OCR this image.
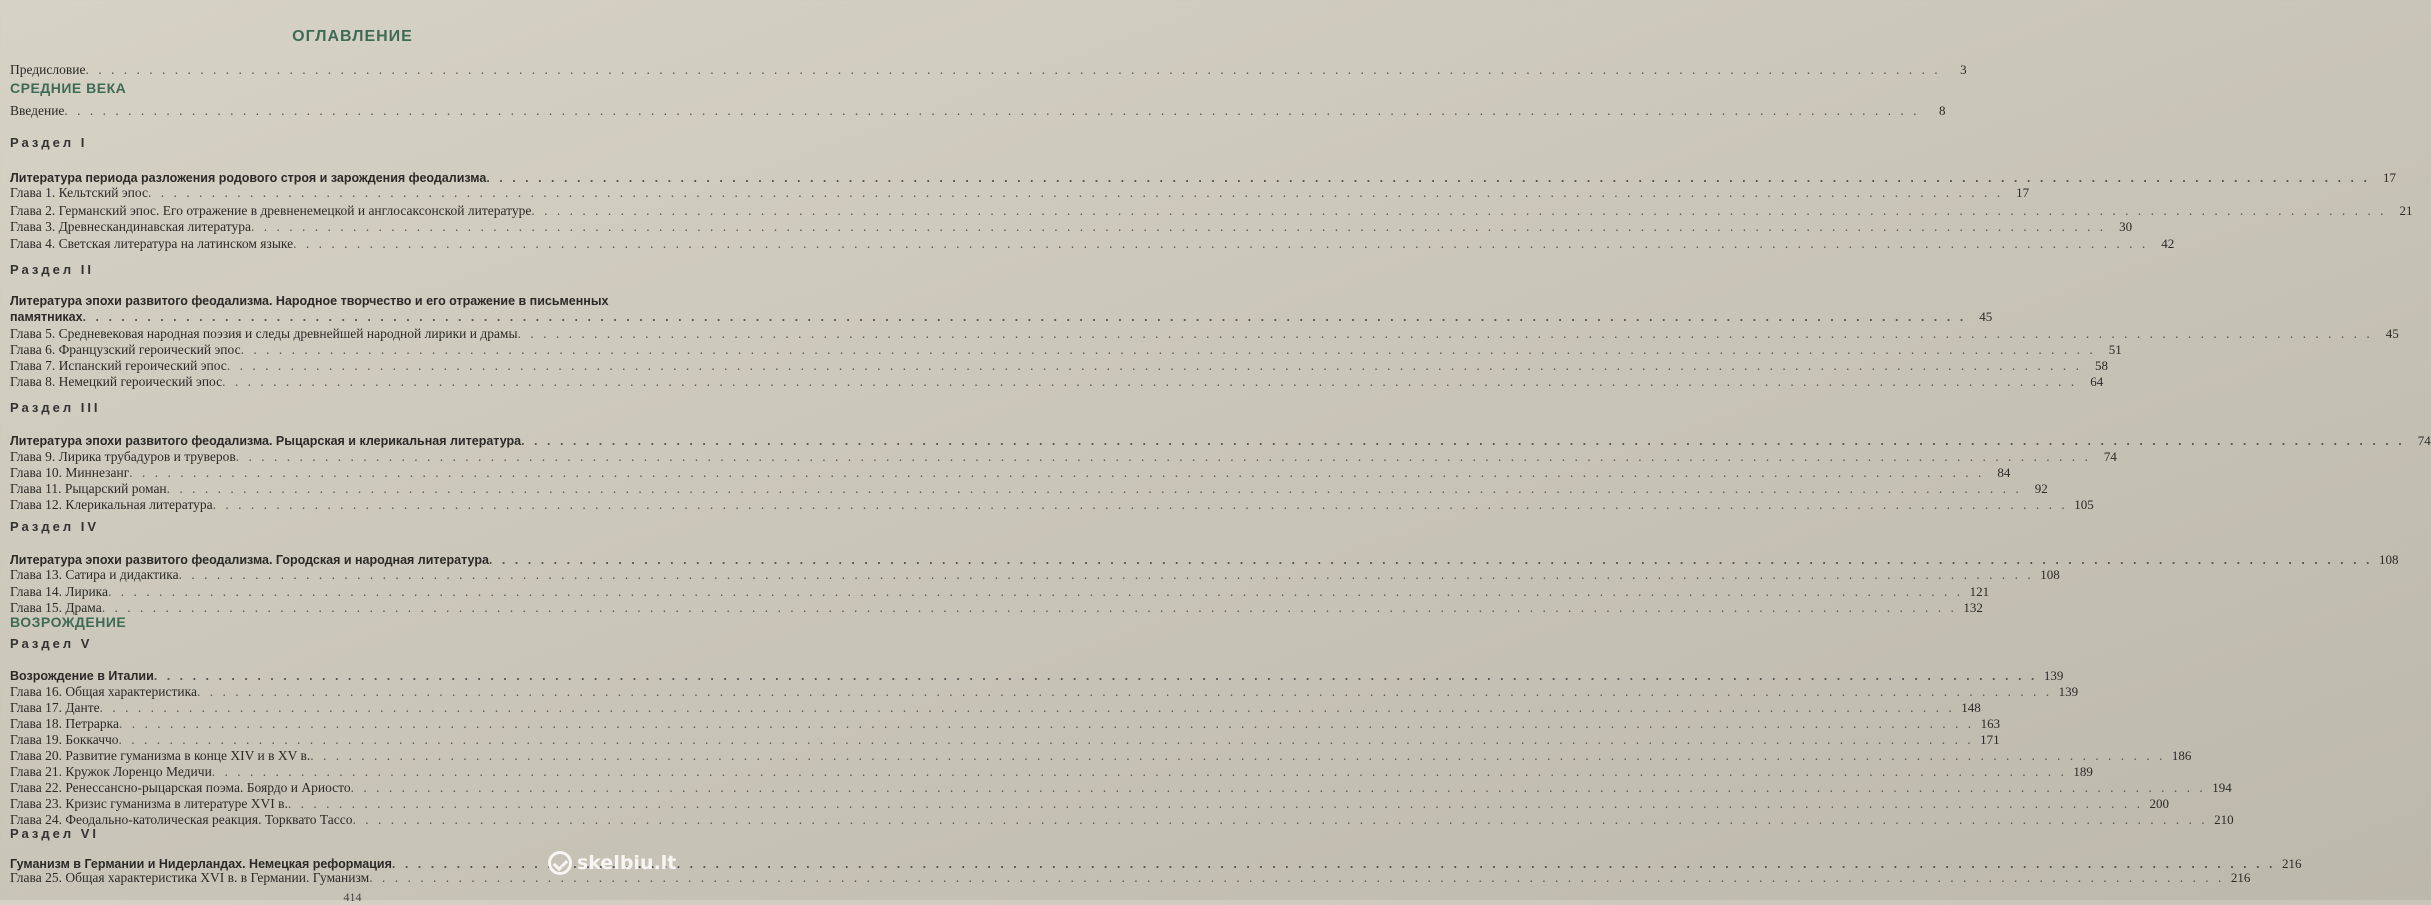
ОГЛАВЛЕНИЕ
Предисловие . . .	3
СРЕДНИЕ ВЕКА
Введение . . .	8
Раздел I
Литература периода разложения родового строя и зарождения феодализма . . .	17
Глава 1. Кельтский эпос . . .	17
Глава 2. Германский эпос. Его отражение в древненемецкой и англосаксонской литературе . . .	21
Глава 3. Древнескандинавская литература . . .	30
Глава 4. Светская литература на латинском языке . . .	42
Раздел II
Литература эпохи развитого феодализма. Народное творчество и его отражение в письменных
памятниках . . .	45
Глава 5. Средневековая народная поэзия и следы древнейшей народной лирики и драмы . . .	45
Глава 6. Французский героический эпос . . .	51
Глава 7. Испанский героический эпос . . .	58
Глава 8. Немецкий героический эпос . . .	64
Раздел III
Литература эпохи развитого феодализма. Рыцарская и клерикальная литература . . .	74
Глава 9. Лирика трубадуров и труверов . . .	74
Глава 10. Миннезанг . . .	84
Глава 11. Рыцарский роман . . .	92
Глава 12. Клерикальная литература . . .	105
Раздел IV
Литература эпохи развитого феодализма. Городская и народная литература . . .	108
Глава 13. Сатира и дидактика . . .	108
Глава 14. Лирика . . .	121
Глава 15. Драма . . .	132
ВОЗРОЖДЕНИЕ
Раздел V
Возрождение в Италии . . .	139
Глава 16. Общая характеристика . . .	139
Глава 17. Данте . . .	148
Глава 18. Петрарка . . .	163
Глава 19. Боккаччо . . .	171
Глава 20. Развитие гуманизма в конце XIV и в XV в. . . .	186
Глава 21. Кружок Лоренцо Медичи . . .	189
Глава 22. Ренессансно-рыцарская поэма. Боярдо и Ариосто . . .	194
Глава 23. Кризис гуманизма в литературе XVI в. . . .	200
Глава 24. Феодально-католическая реакция. Торквато Тассо . . .	210
Раздел VI
Гуманизм в Германии и Нидерландах. Немецкая реформация . . .	216
Глава 25. Общая характеристика XVI в. в Германии. Гуманизм . . .	216
414
skelbiu.lt
